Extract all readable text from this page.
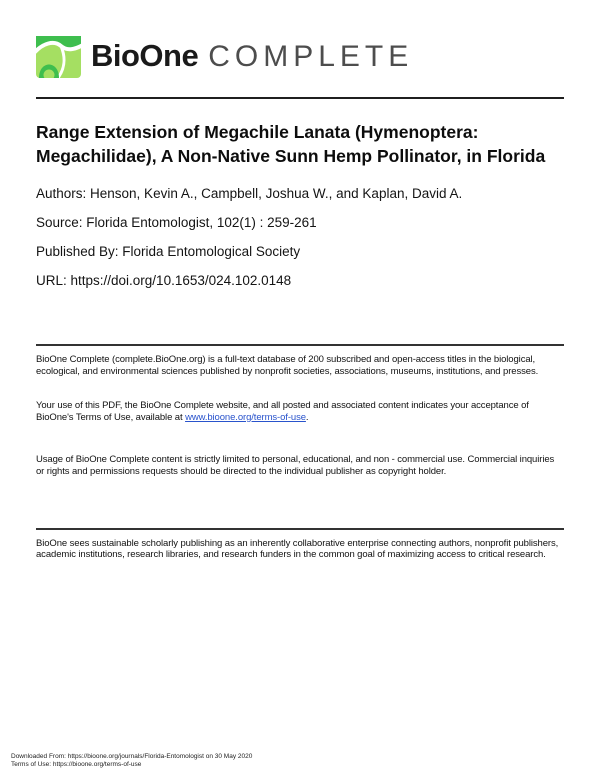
BioOne COMPLETE
Range Extension of Megachile Lanata (Hymenoptera: Megachilidae), A Non-Native Sunn Hemp Pollinator, in Florida

Authors: Henson, Kevin A., Campbell, Joshua W., and Kaplan, David A.

Source: Florida Entomologist, 102(1) : 259-261

Published By: Florida Entomological Society

URL: https://doi.org/10.1653/024.102.0148

BioOne Complete (complete.BioOne.org) is a full-text database of 200 subscribed and open-access titles in the biological, ecological, and environmental sciences published by nonprofit societies, associations, museums, institutions, and presses.

Your use of this PDF, the BioOne Complete website, and all posted and associated content indicates your acceptance of BioOne's Terms of Use, available at www.bioone.org/terms-of-use.

Usage of BioOne Complete content is strictly limited to personal, educational, and non - commercial use. Commercial inquiries or rights and permissions requests should be directed to the individual publisher as copyright holder.

BioOne sees sustainable scholarly publishing as an inherently collaborative enterprise connecting authors, nonprofit publishers, academic institutions, research libraries, and research funders in the common goal of maximizing access to critical research.

Downloaded From: https://bioone.org/journals/Florida-Entomologist on 30 May 2020
Terms of Use: https://bioone.org/terms-of-use
